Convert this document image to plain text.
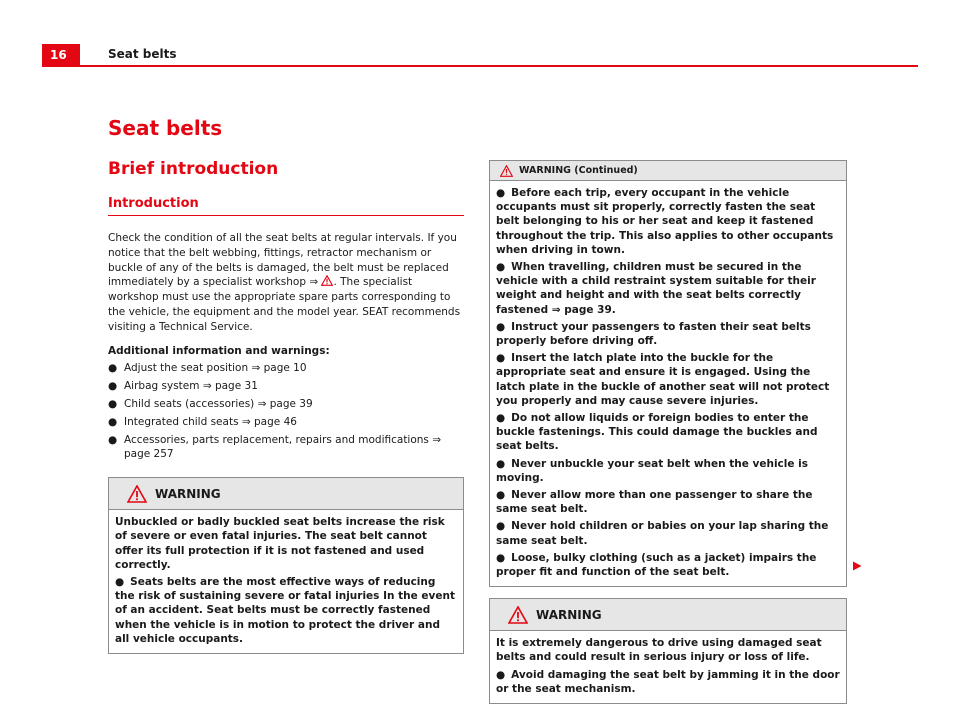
16	Seat belts
Seat belts
Brief introduction
Introduction

Check the condition of all the seat belts at regular intervals. If you notice that the belt webbing, fittings, retractor mechanism or buckle of any of the belts is damaged, the belt must be replaced immediately by a specialist workshop ⇒ . The specialist workshop must use the appropriate spare parts corresponding to the vehicle, the equipment and the model year. SEAT recommends visiting a Technical Service.

Additional information and warnings:

● Adjust the seat position ⇒ page 10
● Airbag system ⇒ page 31
● Child seats (accessories) ⇒ page 39
● Integrated child seats ⇒ page 46
● Accessories, parts replacement, repairs and modifications ⇒ page 257
WARNING

Unbuckled or badly buckled seat belts increase the risk of severe or even fatal injuries. The seat belt cannot offer its full protection if it is not fastened and used correctly.

● Seats belts are the most effective ways of reducing the risk of sustaining severe or fatal injuries In the event of an accident. Seat belts must be correctly fastened when the vehicle is in motion to protect the driver and all vehicle occupants.

WARNING (Continued)

● Before each trip, every occupant in the vehicle occupants must sit properly, correctly fasten the seat belt belonging to his or her seat and keep it fastened throughout the trip. This also applies to other occupants when driving in town.

● When travelling, children must be secured in the vehicle with a child restraint system suitable for their weight and height and with the seat belts correctly fastened ⇒ page 39.

● Instruct your passengers to fasten their seat belts properly before driving off.

● Insert the latch plate into the buckle for the appropriate seat and ensure it is engaged. Using the latch plate in the buckle of another seat will not protect you properly and may cause severe injuries.

● Do not allow liquids or foreign bodies to enter the buckle fastenings. This could damage the buckles and seat belts.

● Never unbuckle your seat belt when the vehicle is moving.

● Never allow more than one passenger to share the same seat belt.

● Never hold children or babies on your lap sharing the same seat belt.

● Loose, bulky clothing (such as a jacket) impairs the proper fit and function of the seat belt.

WARNING

It is extremely dangerous to drive using damaged seat belts and could result in serious injury or loss of life.

● Avoid damaging the seat belt by jamming it in the door or the seat mechanism.
